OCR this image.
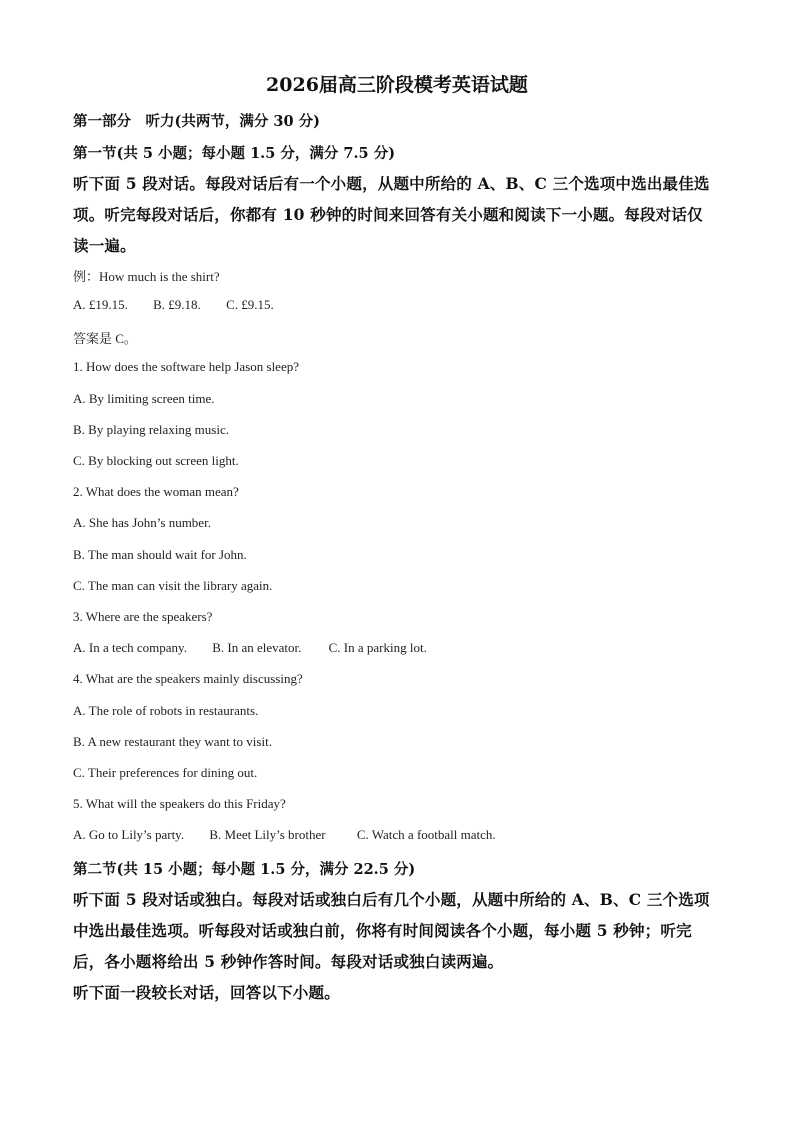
2026届高三阶段模考英语试题
第一部分　听力(共两节，满分 30 分)
第一节(共 5 小题；每小题 1.5 分，满分 7.5 分)
听下面 5 段对话。每段对话后有一个小题，从题中所给的 A、B、C 三个选项中选出最佳选
项。听完每段对话后，你都有 10 秒钟的时间来回答有关小题和阅读下一小题。每段对话仅
读一遍。
例：How much is the shirt?
A. £19.15. B. £9.18. C. £9.15.
答案是 C。
1. How does the software help Jason sleep?
A. By limiting screen time.
B. By playing relaxing music.
C. By blocking out screen light.
2. What does the woman mean?
A. She has John’s number.
B. The man should wait for John.
C. The man can visit the library again.
3. Where are the speakers?
A. In a tech company. B. In an elevator. C. In a parking lot.
4. What are the speakers mainly discussing?
A. The role of robots in restaurants.
B. A new restaurant they want to visit.
C. Their preferences for dining out.
5. What will the speakers do this Friday?
A. Go to Lily’s party. B. Meet Lily’s brother C. Watch a football match.
第二节(共 15 小题；每小题 1.5 分，满分 22.5 分)
听下面 5 段对话或独白。每段对话或独白后有几个小题，从题中所给的 A、B、C 三个选项
中选出最佳选项。听每段对话或独白前，你将有时间阅读各个小题，每小题 5 秒钟；听完
后，各小题将给出 5 秒钟作答时间。每段对话或独白读两遍。
听下面一段较长对话，回答以下小题。
